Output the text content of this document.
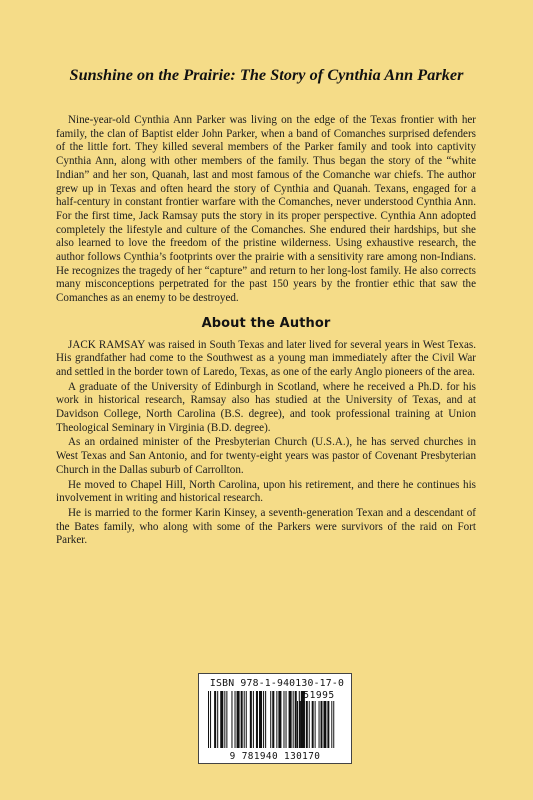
Sunshine on the Prairie: The Story of Cynthia Ann Parker

Nine-year-old Cynthia Ann Parker was living on the edge of the Texas frontier with her family, the clan of Baptist elder John Parker, when a band of Comanches surprised defenders of the little fort. They killed several members of the Parker family and took into captivity Cynthia Ann, along with other members of the family. Thus began the story of the “white Indian” and her son, Quanah, last and most famous of the Comanche war chiefs. The author grew up in Texas and often heard the story of Cynthia and Quanah. Texans, engaged for a half-century in constant frontier warfare with the Comanches, never understood Cynthia Ann. For the first time, Jack Ramsay puts the story in its proper perspective. Cynthia Ann adopted completely the lifestyle and culture of the Comanches. She endured their hardships, but she also learned to love the freedom of the pristine wilderness. Using exhaustive research, the author follows Cynthia’s footprints over the prairie with a sensitivity rare among non-Indians. He recognizes the tragedy of her “capture” and return to her long-lost family. He also corrects many misconceptions perpetrated for the past 150 years by the frontier ethic that saw the Comanches as an enemy to be destroyed.

About the Author

JACK RAMSAY was raised in South Texas and later lived for several years in West Texas. His grandfather had come to the Southwest as a young man immediately after the Civil War and settled in the border town of Laredo, Texas, as one of the early Anglo pioneers of the area.

A graduate of the University of Edinburgh in Scotland, where he received a Ph.D. for his work in historical research, Ramsay also has studied at the University of Texas, and at Davidson College, North Carolina (B.S. degree), and took professional training at Union Theological Seminary in Virginia (B.D. degree).

As an ordained minister of the Presbyterian Church (U.S.A.), he has served churches in West Texas and San Antonio, and for twenty-eight years was pastor of Covenant Presbyterian Church in the Dallas suburb of Carrollton.

He moved to Chapel Hill, North Carolina, upon his retirement, and there he continues his involvement in writing and historical research.

He is married to the former Karin Kinsey, a seventh-generation Texan and a descendant of the Bates family, who along with some of the Parkers were survivors of the raid on Fort Parker.

ISBN 978-1-940130-17-0
51995
9 781940 130170
